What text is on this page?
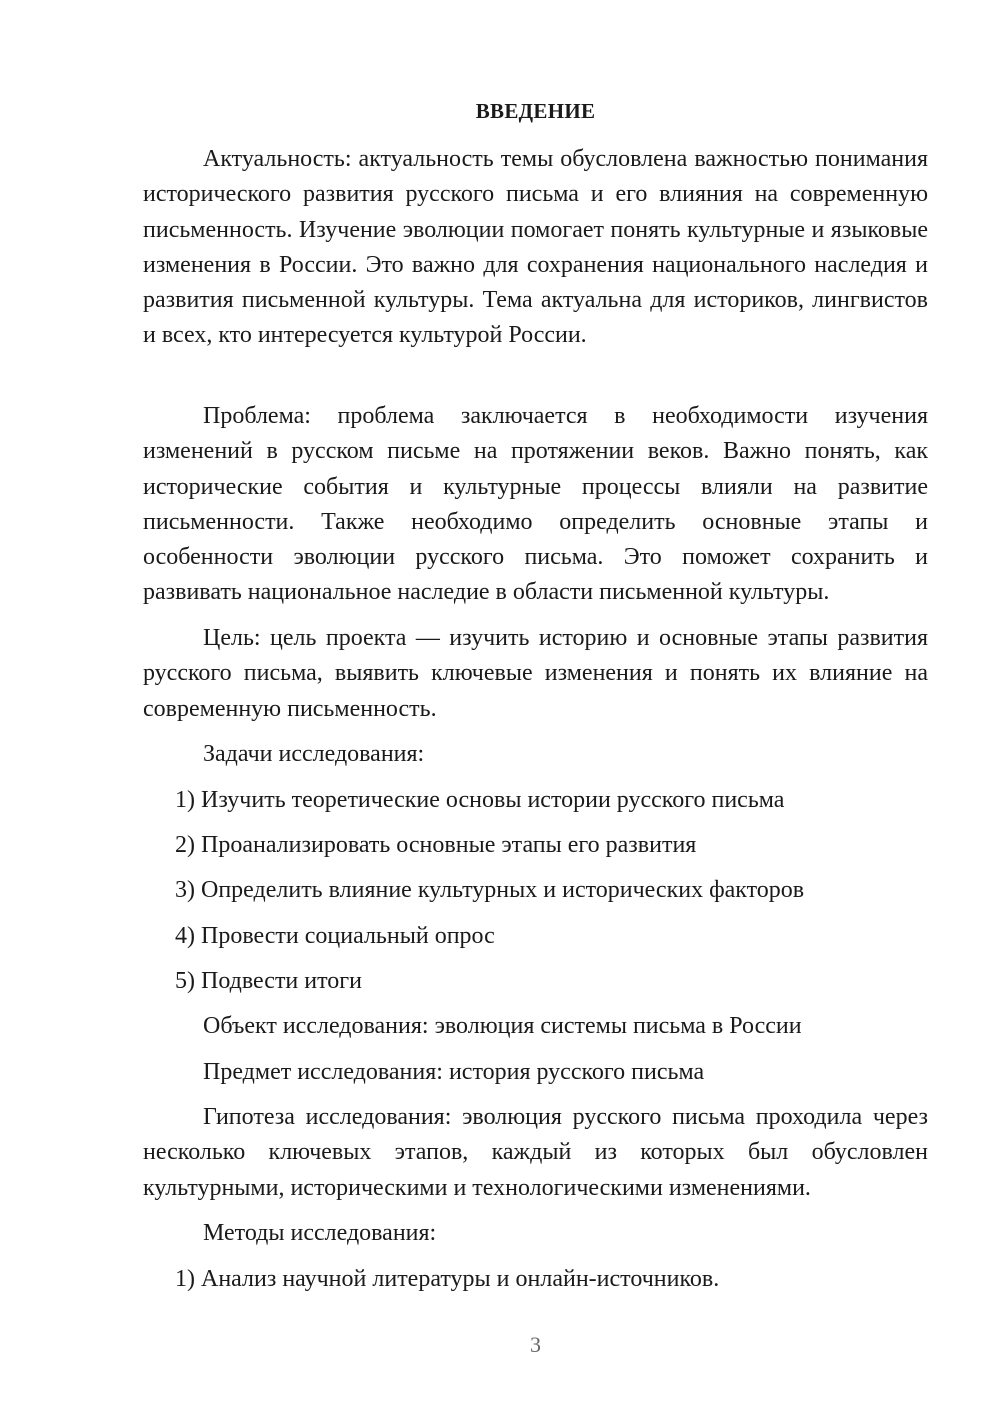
ВВЕДЕНИЕ

Актуальность: актуальность темы обусловлена важностью понимания исторического развития русского письма и его влияния на современную письменность. Изучение эволюции помогает понять культурные и языковые изменения в России. Это важно для сохранения национального наследия и развития письменной культуры. Тема актуальна для историков, лингвистов и всех, кто интересуется культурой России.

Проблема: проблема заключается в необходимости изучения изменений в русском письме на протяжении веков. Важно понять, как исторические события и культурные процессы влияли на развитие письменности. Также необходимо определить основные этапы и особенности эволюции русского письма. Это поможет сохранить и развивать национальное наследие в области письменной культуры.

Цель: цель проекта — изучить историю и основные этапы развития русского письма, выявить ключевые изменения и понять их влияние на современную письменность.

Задачи исследования:

1) Изучить теоретические основы истории русского письма

2) Проанализировать основные этапы его развития

3) Определить влияние культурных и исторических факторов

4) Провести социальный опрос

5) Подвести итоги

Объект исследования: эволюция системы письма в России

Предмет исследования: история русского письма

Гипотеза исследования: эволюция русского письма проходила через несколько ключевых этапов, каждый из которых был обусловлен культурными, историческими и технологическими изменениями.

Методы исследования:

1) Анализ научной литературы и онлайн-источников.

3
